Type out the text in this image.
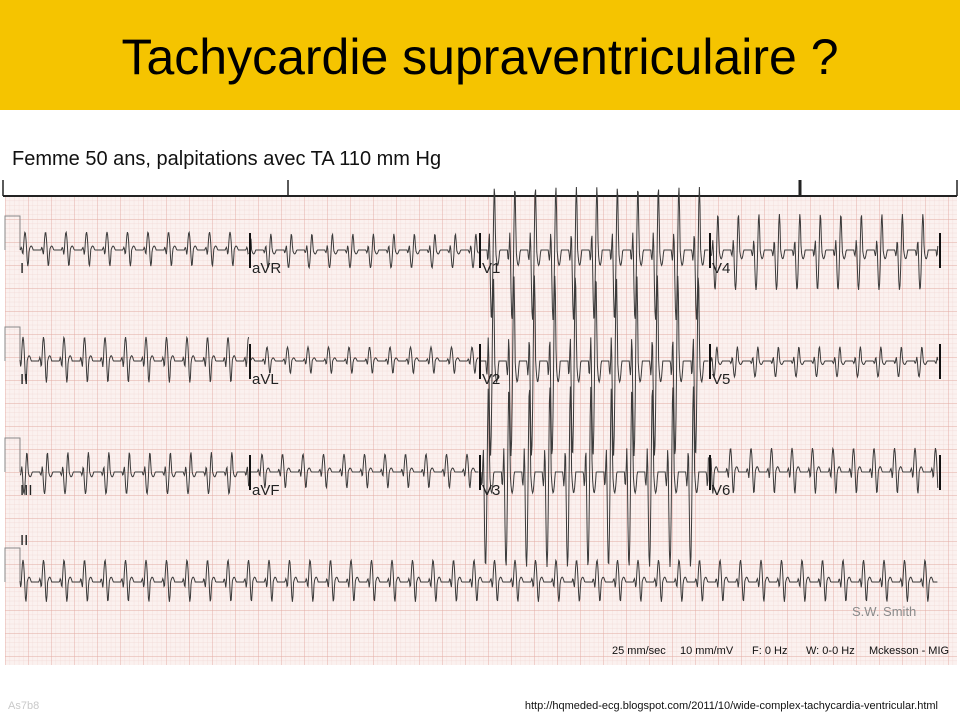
Tachycardie supraventriculaire ?
Femme 50 ans, palpitations avec TA 110 mm Hg
I	aVR	V1	V4
II	aVL	V2	V5
III	aVF	V3	V6
II
S.W. Smith
25 mm/sec 10 mm/mV F: 0 Hz W: 0-0 Hz Mckesson - MIG
As7b8	http://hqmeded-ecg.blogspot.com/2011/10/wide-complex-tachycardia-ventricular.html
